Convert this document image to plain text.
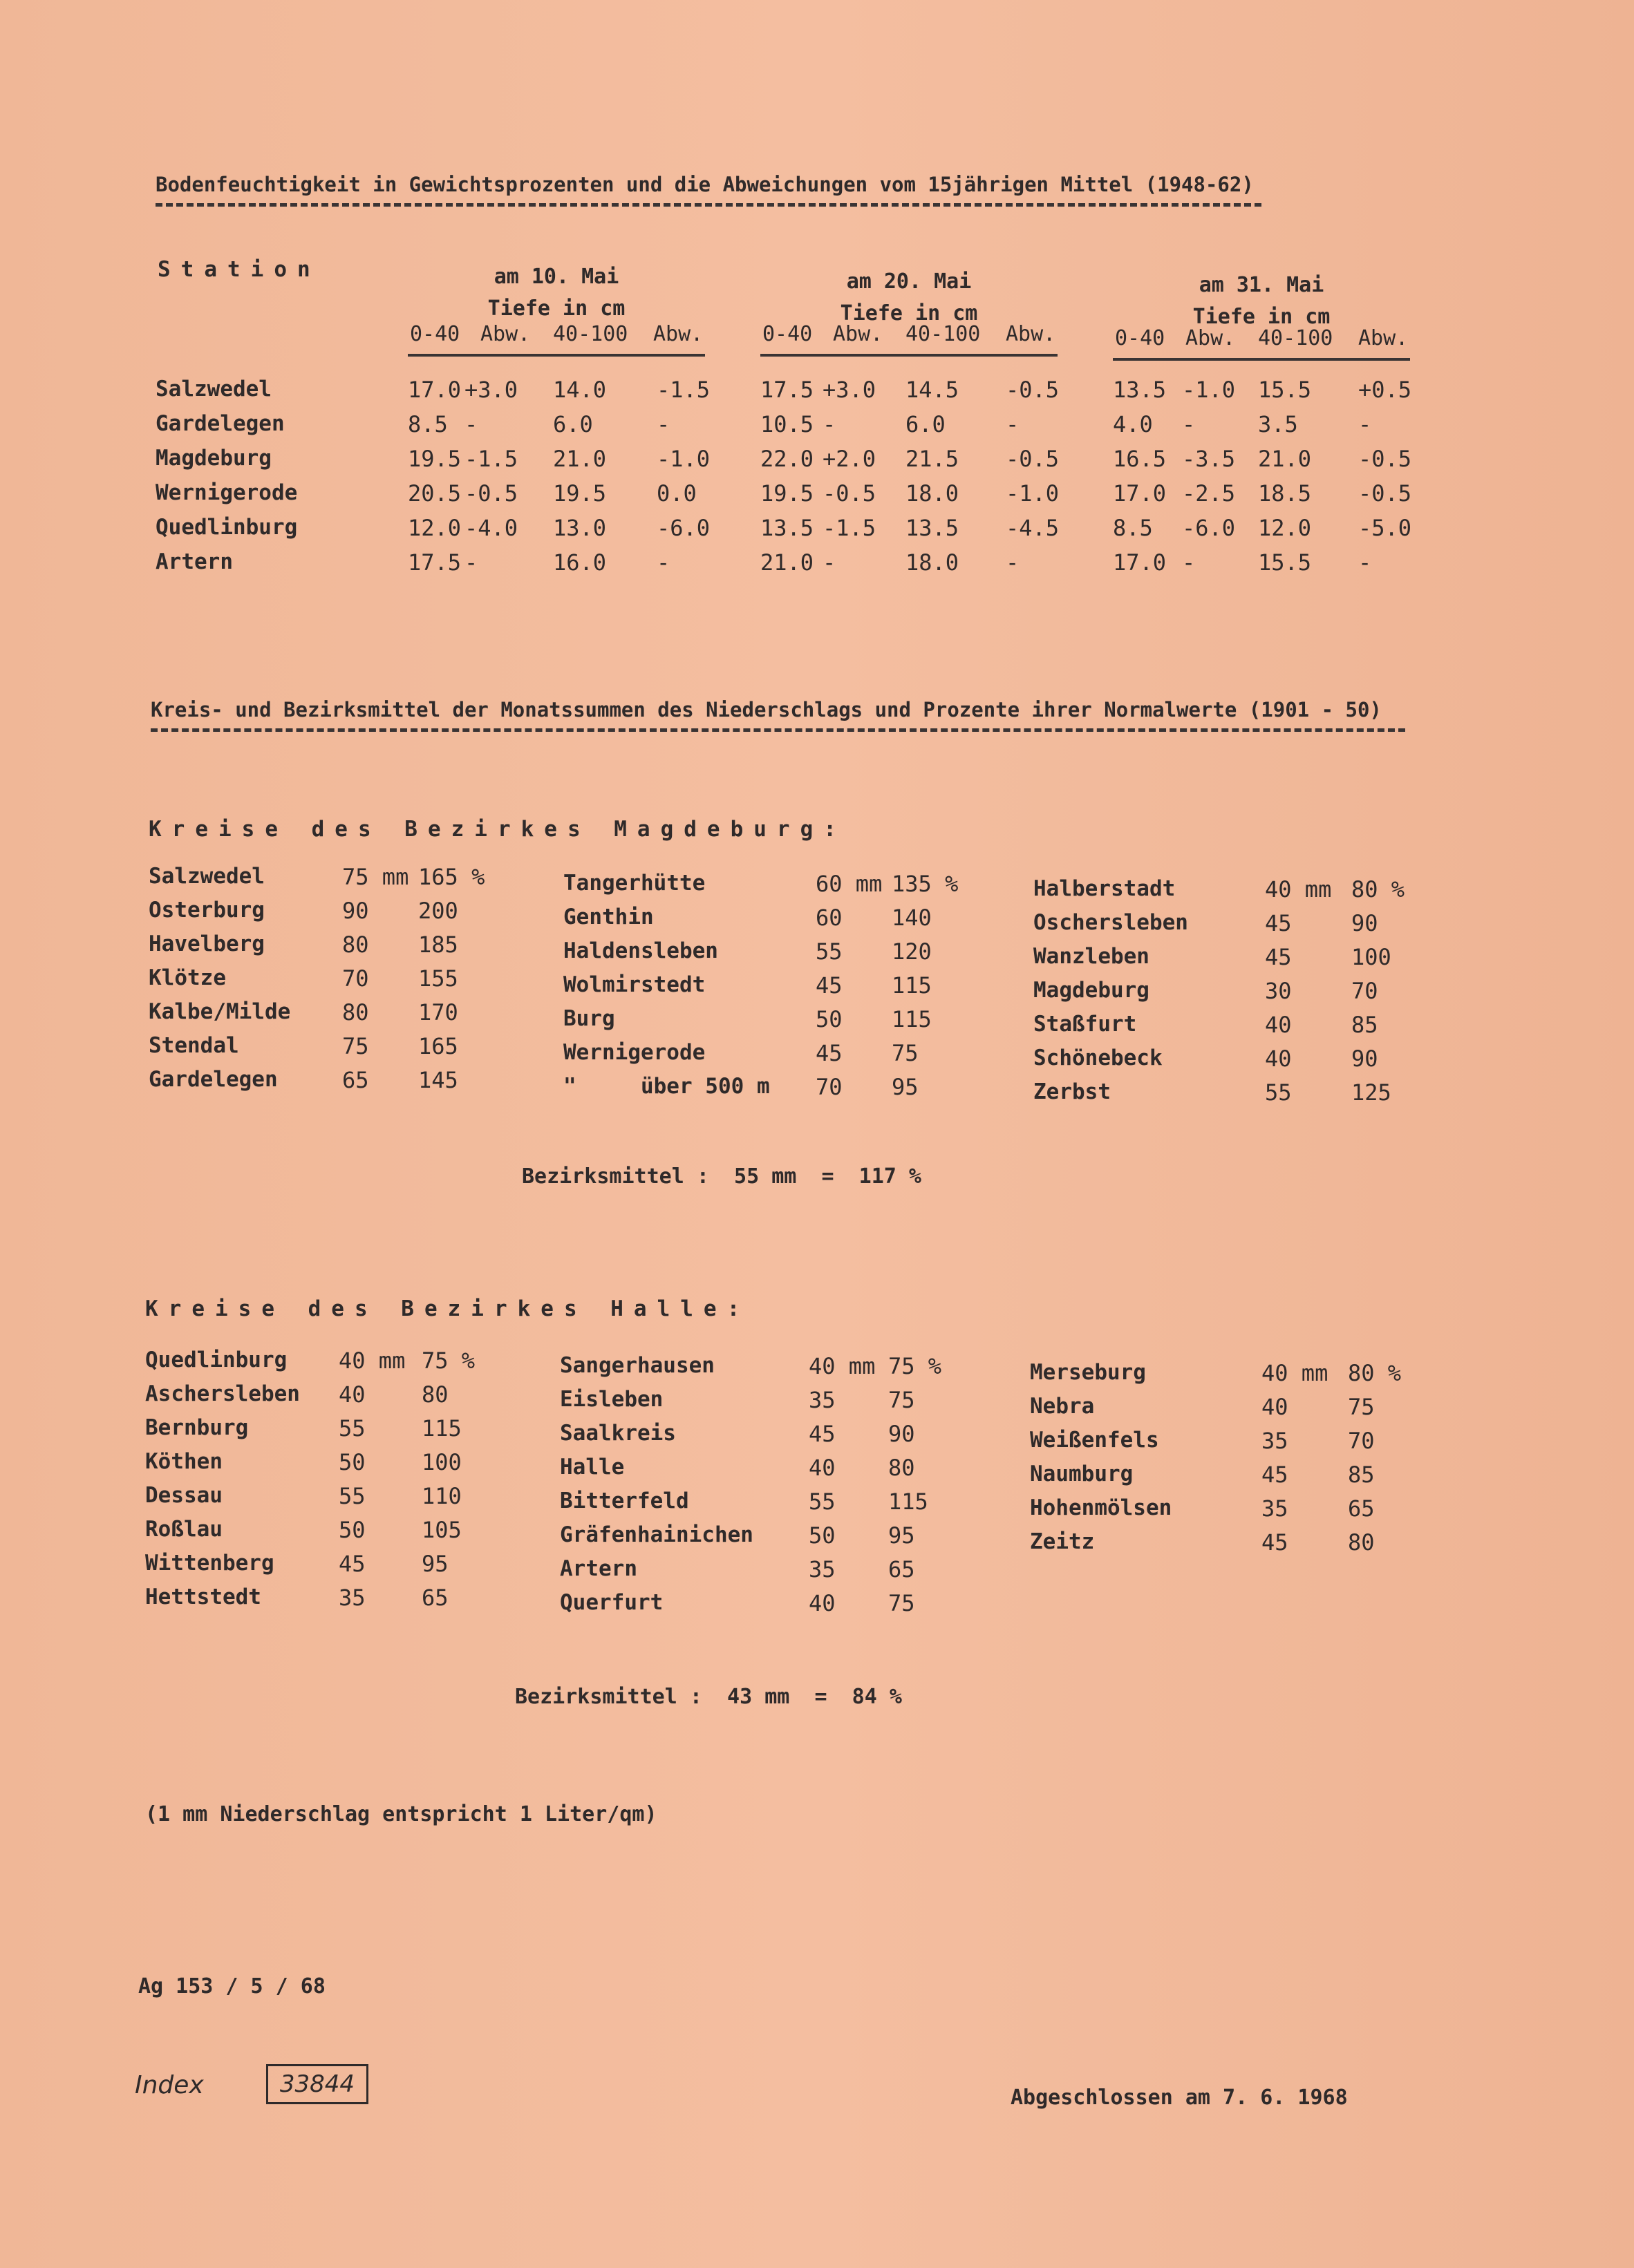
Bodenfeuchtigkeit in Gewichtsprozenten und die Abweichungen vom 15jährigen Mittel (1948-62)
Station	am 10. Mai
Tiefe in cm
am 20. Mai
Tiefe in cm
am 31. Mai
Tiefe in cm
0-40 Abw. 40-100 Abw.	0-40 Abw. 40-100 Abw.	0-40 Abw. 40-100 Abw.
Salzwedel	17.0 +3.0 14.0 -1.5 17.5 +3.0 14.5 -0.5 13.5 -1.0 15.5 +0.5
Gardelegen	8.5 -	6.0	-	10.5 -	6.0	-	4.0 -	3.5	-
Magdeburg	19.5 -1.5 21.0 -1.0 22.0 +2.0 21.5 -0.5 16.5 -3.5 21.0 -0.5
Wernigerode	20.5 -0.5 19.5 0.0	19.5 -0.5 18.0 -1.0 17.0 -2.5 18.5 -0.5
Quedlinburg	12.0 -4.0 13.0 -6.0 13.5 -1.5 13.5 -4.5 8.5 -6.0 12.0 -5.0
Artern	17.5 -	16.0 -	21.0 -	18.0 -	17.0 -	15.5 -
Kreis- und Bezirksmittel der Monatssummen des Niederschlags und Prozente ihrer Normalwerte (1901 - 50)
Kreise des Bezirkes Magdeburg:
Salzwedel	75 mm 165 %
Osterburg	90 200
Havelberg	80 185
Klötze	70 155
Kalbe/Milde 80 170
Stendal	75 165
Gardelegen	65 145
Tangerhütte	60 mm 135 %
Genthin	60 140
Haldensleben	55 120
Wolmirstedt	45 115
Burg	50 115
Wernigerode	45 75
"     über 500 m 70 95
Halberstadt	40 mm 80 %
Oschersleben	45	90
Wanzleben	45	100
Magdeburg	30	70
Staßfurt	40	85
Schönebeck	40	90
Zerbst	55	125
Bezirksmittel :  55 mm  =  117 %
Kreise des Bezirkes Halle:
Quedlinburg 40 mm 75 %
Aschersleben 40	80
Bernburg	55	115
Köthen	50	100
Dessau	55	110
Roßlau	50	105
Wittenberg	45	95
Hettstedt	35	65
Sangerhausen	40 mm 75 %
Eisleben	35 75
Saalkreis	45 90
Halle	40 80
Bitterfeld	55 115
Gräfenhainichen	50 95
Artern	35 65
Querfurt	40 75
Merseburg	40 mm 80 %
Nebra	40	75
Weißenfels	35	70
Naumburg	45	85
Hohenmölsen	35	65
Zeitz	45	80
Bezirksmittel :  43 mm  =  84 %
(1 mm Niederschlag entspricht 1 Liter/qm)
Ag 153 / 5 / 68
Index	33844	Abgeschlossen am 7. 6. 1968
